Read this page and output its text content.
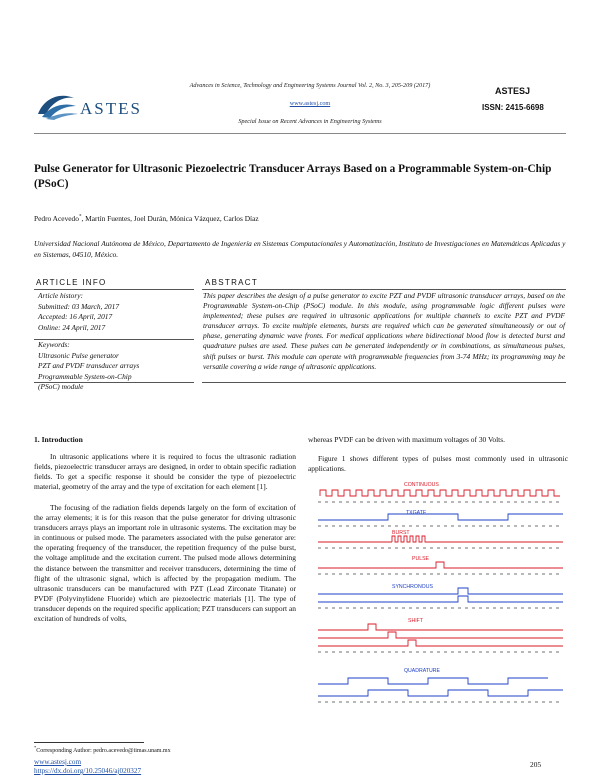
ASTES
Advances in Science, Technology and Engineering Systems Journal Vol. 2, No. 3, 205-209 (2017)
www.astesj.com
Special Issue on Recent Advances in Engineering Systems
ASTESJ
ISSN: 2415-6698
Pulse Generator for Ultrasonic Piezoelectric Transducer Arrays Based on a Programmable System-on-Chip (PSoC)
Pedro Acevedo*, Martín Fuentes, Joel Durán, Mónica Vázquez, Carlos Díaz
Universidad Nacional Autónoma de México, Departamento de Ingeniería en Sistemas Computacionales y Automatización, Instituto de Investigaciones en Matemáticas Aplicadas y en Sistemas, 04510, México.
ARTICLE INFO	ABSTRACT
Article history:
Submitted: 03 March, 2017
Accepted: 16 April, 2017
Online: 24 April, 2017
Keywords:
Ultrasonic Pulse generator
PZT and PVDF transducer arrays
Programmable System-on-Chip
(PSoC) module
This paper describes the design of a pulse generator to excite PZT and PVDF ultrasonic transducer arrays, based on the Programmable System-on-Chip (PSoC) module. In this module, using programmable logic different pulses were implemented; these pulses are required in ultrasonic applications for multiple channels to excite PZT and PVDF transducer arrays. To excite multiple elements, bursts are required which can be generated simultaneously or out of phase, generating dynamic wave fronts. For medical applications where bidirectional blood flow is detected burst and quadrature pulses are used. These pulses can be generated independently or in combinations, as simultaneous pulses, shift pulses or burst. This module can operate with programmable frequencies from 3-74 MHz; its programming may be versatile covering a wide range of ultrasonic applications.
1. Introduction

In ultrasonic applications where it is required to focus the ultrasonic radiation fields, piezoelectric transducer arrays are designed, in order to obtain specific radiation fields. To get a specific response it should be consider the type of piezoelectric material, geometry of the array and the type of excitation for each element [1].

The focusing of the radiation fields depends largely on the form of excitation of the array elements; it is for this reason that the pulse generator for driving ultrasonic transducers arrays plays an important role in ultrasonic systems. The excitation may be in continuous or pulsed mode. The parameters associated with the pulse generator are: the operating frequency of the transducer, the repetition frequency of the pulse burst, the voltage amplitude and the excitation current. The pulsed mode allows determining the distance between the transmitter and receiver transducers, determining the time of flight of the ultrasonic signal, which is affected by the propagation medium. The ultrasonic transducers can be manufactured with PZT (Lead Zirconate Titanate) or PVDF (Polyvinylidene Fluoride) which are piezoelectric materials [1]. The type of transducer depends on the required specific application; PZT transducers can support an excitation of hundreds of volts,

whereas PVDF can be driven with maximum voltages of 30 Volts.

Figure 1 shows different types of pulses most commonly used in ultrasonic applications.

CONTINUOUS
TXGATE
BURST
PULSE
SYNCHRONOUS
SHIFT
QUADRATURE
*Corresponding Author: pedro.acevedo@iimas.unam.mx
www.astesj.com
https://dx.doi.org/10.25046/aj020327
205
